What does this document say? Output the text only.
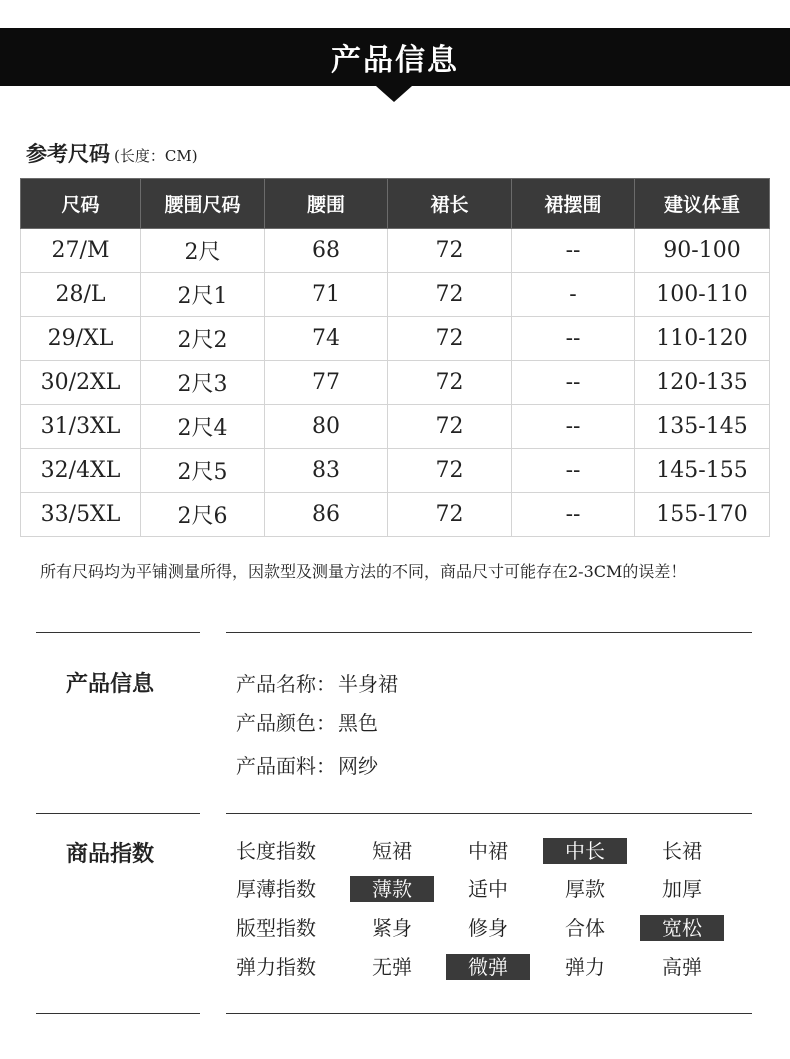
产品信息
参考尺码 (长度：CM)
尺码	腰围尺码	腰围	裙长	裙摆围	建议体重
27/M	2尺	68	72	--	90-100
28/L	2尺1	71	72	-	100-110
29/XL	2尺2	74	72	--	110-120
30/2XL	2尺3	77	72	--	120-135
31/3XL	2尺4	80	72	--	135-145
32/4XL	2尺5	83	72	--	145-155
33/5XL	2尺6	86	72	--	155-170
所有尺码均为平铺测量所得，因款型及测量方法的不同，商品尺寸可能存在2-3CM的误差！
产品信息	产品名称： 半身裙
产品颜色： 黑色
产品面料： 网纱
商品指数	长度指数	短裙	中裙	中长	长裙
厚薄指数	薄款	适中	厚款	加厚
版型指数	紧身	修身	合体	宽松
弹力指数	无弹	微弹	弹力	高弹
